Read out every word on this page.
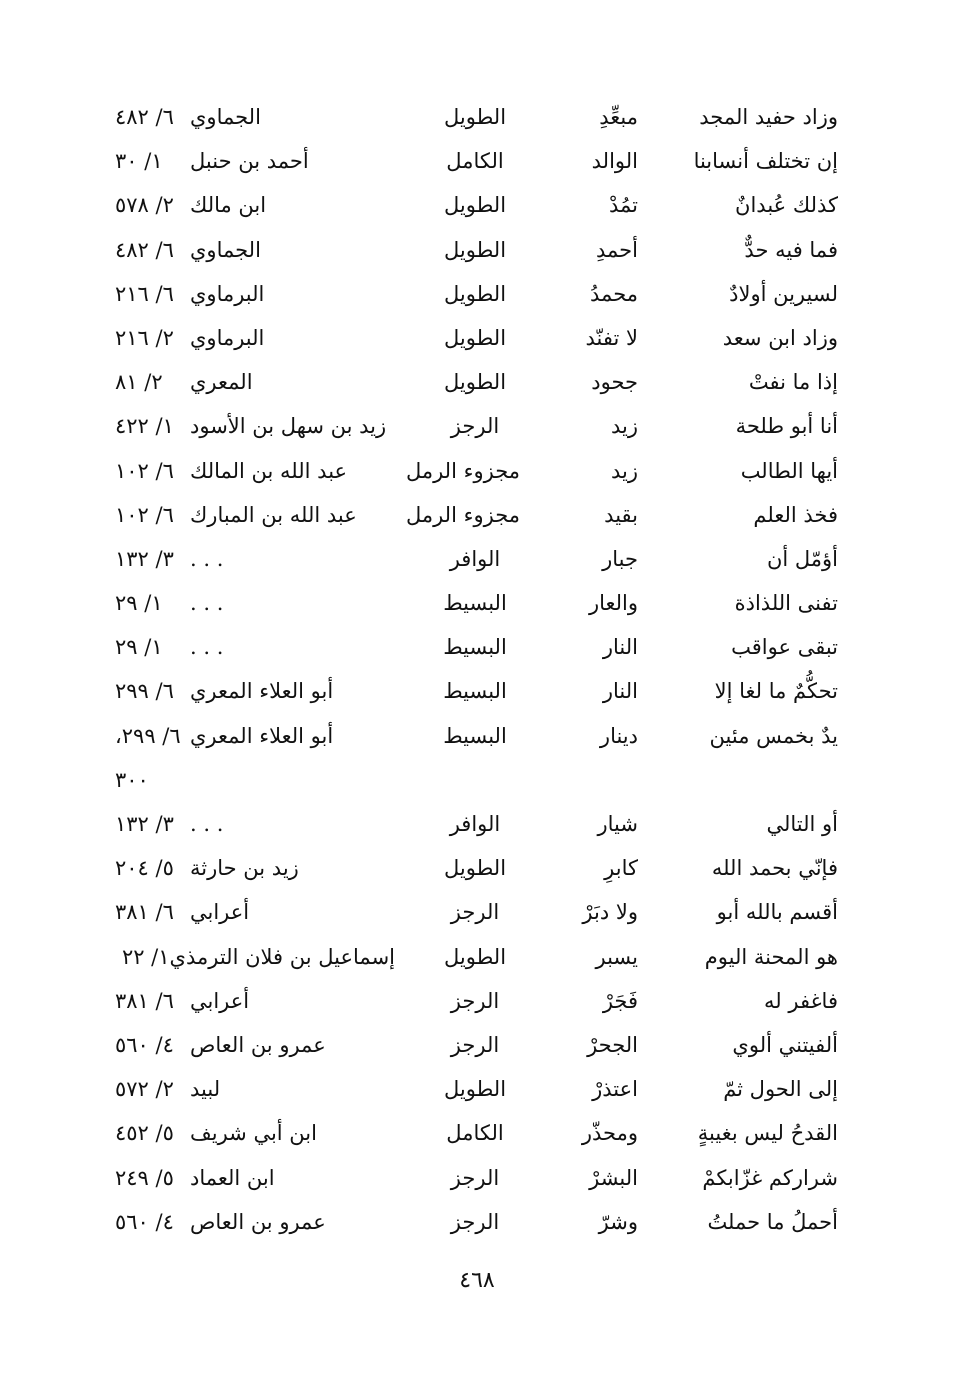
وزاد حفيد المجد
مبعِّدِ
الطويل
الجماوي
٦/ ٤٨٢
إن تختلف أنسابنا
الوالد
الكامل
أحمد بن حنبل
١/ ٣٠
كذلك عُبدانٌ
تمُدْ
الطويل
ابن مالك
٢/ ٥٧٨
فما فيه حدٌّ
أحمدِ
الطويل
الجماوي
٦/ ٤٨٢
لسيرين أولادٌ
محمدُ
الطويل
البرماوي
٦/ ٢١٦
وزاد ابن سعد
لا تفنّد
الطويل
البرماوي
٢/ ٢١٦
إذا ما نفتْ
جحود
الطويل
المعري
٢/ ٨١
أنا أبو طلحة
زيد
الرجز
زيد بن سهل بن الأسود
١/ ٤٢٢
أيها الطالب
زيد
مجزوء الرمل
عبد الله بن المالك
٦/ ١٠٢
فخذ العلم
بقيد
مجزوء الرمل
عبد الله بن المبارك
٦/ ١٠٢
أؤمّل أن
جبار
الوافر
. . .
٣/ ١٣٢
تفنى اللذاذة
والعار
البسيط
. . .
١/ ٢٩
تبقى عواقب
النار
البسيط
. . .
١/ ٢٩
تحكُّمٌ ما لغا إلا
النار
البسيط
أبو العلاء المعري
٦/ ٢٩٩
يدٌ بخمس مئين
دينار
البسيط
أبو العلاء المعري
٦/ ٢٩٩،
٣٠٠
أو التالي
شيار
الوافر
. . .
٣/ ١٣٢
فإنّي بحمد الله
كابرِ
الطويل
زيد بن حارثة
٥/ ٢٠٤
أقسم بالله أبو
ولا دبَرْ
الرجز
أعرابي
٦/ ٣٨١
هو المحنة اليوم
يسبر
الطويل
إسماعيل بن فلان الترمذي١/ ٢٢
فاغفر له
فَجَرْ
الرجز
أعرابي
٦/ ٣٨١
ألفيتني ألوي
الجحرْ
الرجز
عمرو بن العاص
٤/ ٥٦٠
إلى الحول ثمّ
اعتذرْ
الطويل
لبيد
٢/ ٥٧٢
القدحُ ليس بغيبةٍ
ومحذّر
الكامل
ابن أبي شريف
٥/ ٤٥٢
شراركم غزّابكمْ
البشرْ
الرجز
ابن العماد
٥/ ٢٤٩
أحملُ ما حملتُ
وشرّ
الرجز
عمرو بن العاص
٤/ ٥٦٠
٤٦٨
